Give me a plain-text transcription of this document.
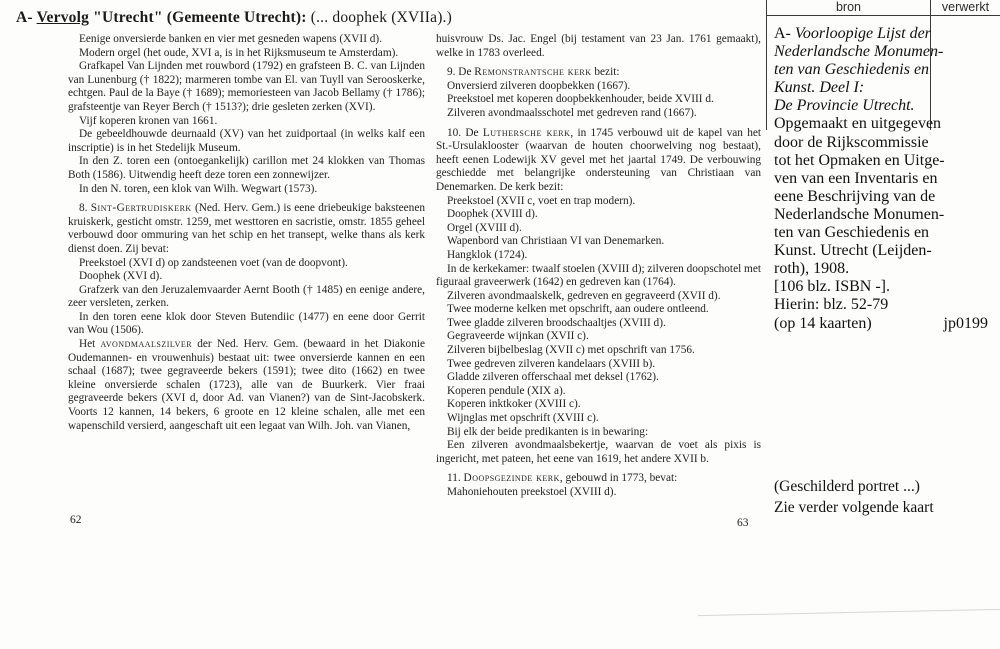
A- Vervolg "Utrecht" (Gemeente Utrecht): (... doophek (XVIIa).)

Eenige onversierde banken en vier met gesneden wapens (XVII d).

Modern orgel (het oude, XVI a, is in het Rijksmuseum te Amsterdam).

Grafkapel Van Lijnden met rouwbord (1792) en grafsteen B. C. van Lijnden van Lunenburg († 1822); marmeren tombe van El. van Tuyll van Serooskerke, echtgen. Paul de la Baye († 1689); memoriesteen van Jacob Bellamy († 1786); grafsteentje van Reyer Berch († 1513?); drie gesleten zerken (XVI).

Vijf koperen kronen van 1661.

De gebeeldhouwde deurnaald (XV) van het zuidportaal (in welks kalf een inscriptie) is in het Stedelijk Museum.

In den Z. toren een (ontoegankelijk) carillon met 24 klokken van Thomas Both (1586). Uitwendig heeft deze toren een zonnewijzer.

In den N. toren, een klok van Wilh. Wegwart (1573).

8. Sint-Gertrudiskerk (Ned. Herv. Gem.) is eene driebeukige baksteenen kruiskerk, gesticht omstr. 1259, met westtoren en sacristie, omstr. 1855 geheel verbouwd door ommuring van het schip en het transept, welke thans als kerk dienst doen. Zij bevat:

Preekstoel (XVI d) op zandsteenen voet (van de doopvont).

Doophek (XVI d).

Grafzerk van den Jeruzalemvaarder Aernt Booth († 1485) en eenige andere, zeer versleten, zerken.

In den toren eene klok door Steven Butendiic (1477) en eene door Gerrit van Wou (1506).

Het avondmaalszilver der Ned. Herv. Gem. (bewaard in het Diakonie Oudemannen- en vrouwenhuis) bestaat uit: twee onversierde kannen en een schaal (1687); twee gegraveerde bekers (1591); twee dito (1662) en twee kleine onversierde schalen (1723), alle van de Buurkerk. Vier fraai gegraveerde bekers (XVI d, door Ad. van Vianen?) van de Sint-Jacobskerk. Voorts 12 kannen, 14 bekers, 6 groote en 12 kleine schalen, alle met een wapenschild versierd, aangeschaft uit een legaat van Wilh. Joh. van Vianen,

huisvrouw Ds. Jac. Engel (bij testament van 23 Jan. 1761 gemaakt), welke in 1783 overleed.

9. De Remonstrantsche kerk bezit:

Onversierd zilveren doopbekken (1667).

Preekstoel met koperen doopbekkenhouder, beide XVIII d.

Zilveren avondmaalsschotel met gedreven rand (1667).

10. De Luthersche kerk, in 1745 verbouwd uit de kapel van het St.-Ursulaklooster (waarvan de houten choorwelving nog bestaat), heeft eenen Lodewijk XV gevel met het jaartal 1749. De verbouwing geschiedde met belangrijke ondersteuning van Christiaan van Denemarken. De kerk bezit:

Preekstoel (XVII c, voet en trap modern).

Doophek (XVIII d).

Orgel (XVIII d).

Wapenbord van Christiaan VI van Denemarken.

Hangklok (1724).

In de kerkekamer: twaalf stoelen (XVIII d); zilveren doopschotel met figuraal graveerwerk (1642) en gedreven kan (1764).

Zilveren avondmaalskelk, gedreven en gegraveerd (XVII d).

Twee moderne kelken met opschrift, aan oudere ontleend.

Twee gladde zilveren broodschaaltjes (XVIII d).

Gegraveerde wijnkan (XVII c).

Zilveren bijbelbeslag (XVII c) met opschrift van 1756.

Twee gedreven zilveren kandelaars (XVIII b).

Gladde zilveren offerschaal met deksel (1762).

Koperen pendule (XIX a).

Koperen inktkoker (XVIII c).

Wijnglas met opschrift (XVIII c).

Bij elk der beide predikanten is in bewaring:

Een zilveren avondmaalsbekertje, waarvan de voet als pixis is ingericht, met pateen, het eene van 1619, het andere XVII b.

11. Doopsgezinde kerk, gebouwd in 1773, bevat:

Mahoniehouten preekstoel (XVIII d).

62	63
bron	verwerkt
A- Voorloopige Lijst der
Nederlandsche Monumen-
ten van Geschiedenis en
Kunst. Deel I:
De Provincie Utrecht.
Opgemaakt en uitgegeven
door de Rijkscommissie
tot het Opmaken en Uitge-
ven van een Inventaris en
eene Beschrijving van de
Nederlandsche Monumen-
ten van Geschiedenis en
Kunst. Utrecht (Leijden-
roth), 1908.
[106 blz. ISBN -].
Hierin: blz. 52-79
(op 14 kaarten)	jp0199
(Geschilderd portret ...)
Zie verder volgende kaart
